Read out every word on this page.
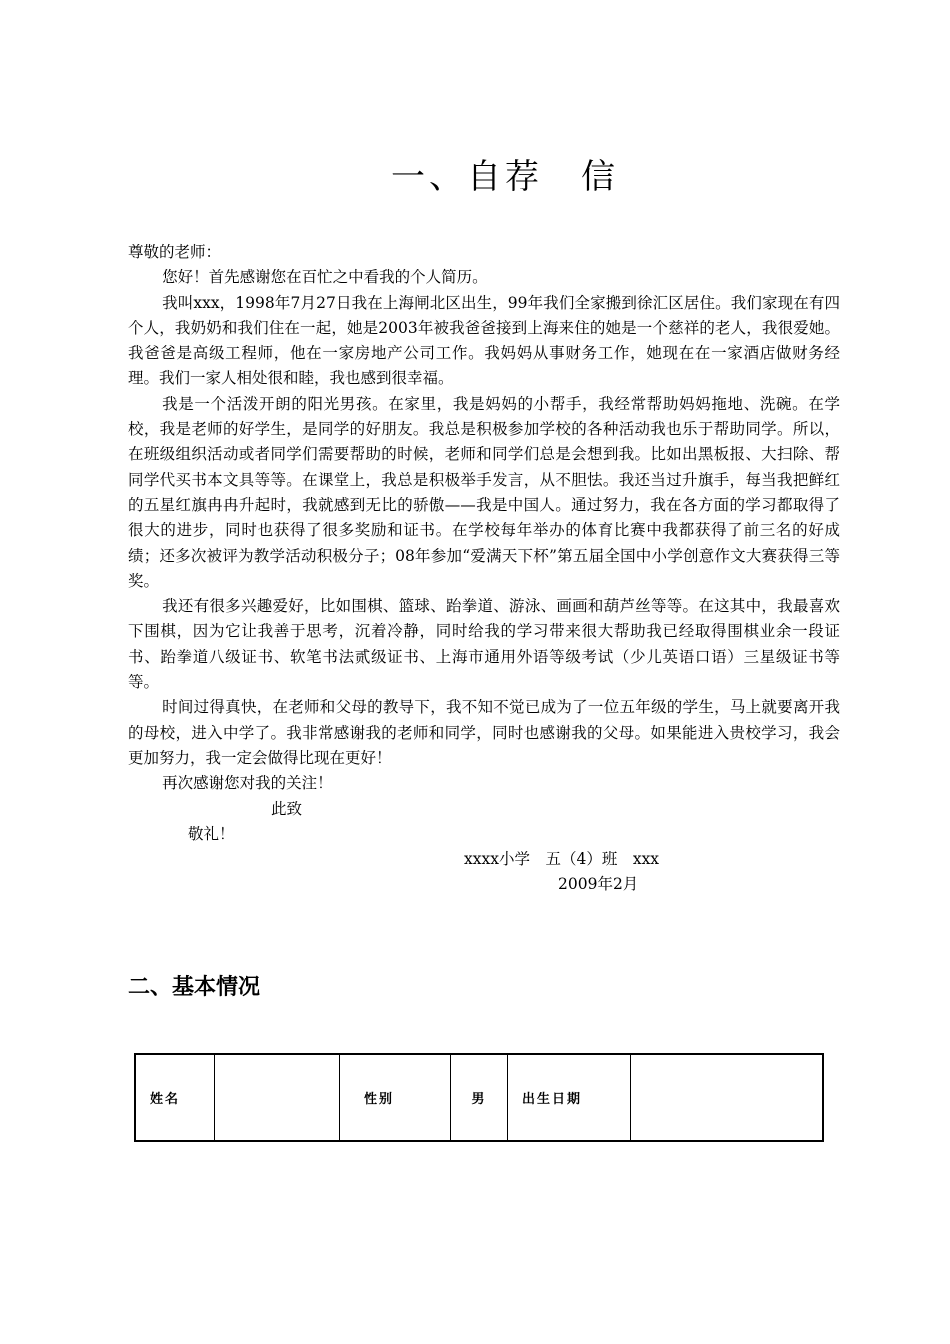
一、自荐　信

尊敬的老师：

您好！首先感谢您在百忙之中看我的个人简历。

我叫xxx，1998年7月27日我在上海闸北区出生，99年我们全家搬到徐汇区居住。我们家现在有四个人，我奶奶和我们住在一起，她是2003年被我爸爸接到上海来住的她是一个慈祥的老人，我很爱她。我爸爸是高级工程师，他在一家房地产公司工作。我妈妈从事财务工作，她现在在一家酒店做财务经理。我们一家人相处很和睦，我也感到很幸福。

我是一个活泼开朗的阳光男孩。在家里，我是妈妈的小帮手，我经常帮助妈妈拖地、洗碗。在学校，我是老师的好学生，是同学的好朋友。我总是积极参加学校的各种活动我也乐于帮助同学。所以，在班级组织活动或者同学们需要帮助的时候，老师和同学们总是会想到我。比如出黑板报、大扫除、帮同学代买书本文具等等。在课堂上，我总是积极举手发言，从不胆怯。我还当过升旗手，每当我把鲜红的五星红旗冉冉升起时，我就感到无比的骄傲——我是中国人。通过努力，我在各方面的学习都取得了很大的进步，同时也获得了很多奖励和证书。在学校每年举办的体育比赛中我都获得了前三名的好成绩；还多次被评为教学活动积极分子；08年参加“爱满天下杯”第五届全国中小学创意作文大赛获得三等奖。

我还有很多兴趣爱好，比如围棋、篮球、跆拳道、游泳、画画和葫芦丝等等。在这其中，我最喜欢下围棋，因为它让我善于思考，沉着冷静，同时给我的学习带来很大帮助我已经取得围棋业余一段证书、跆拳道八级证书、软笔书法贰级证书、上海市通用外语等级考试（少儿英语口语）三星级证书等等。

时间过得真快，在老师和父母的教导下，我不知不觉已成为了一位五年级的学生，马上就要离开我的母校，进入中学了。我非常感谢我的老师和同学，同时也感谢我的父母。如果能进入贵校学习，我会更加努力，我一定会做得比现在更好！

再次感谢您对我的关注！

此致

敬礼！

xxxx小学　五（4）班　xxx

2009年2月

二、基本情况
姓名		性别	男	出生日期	
